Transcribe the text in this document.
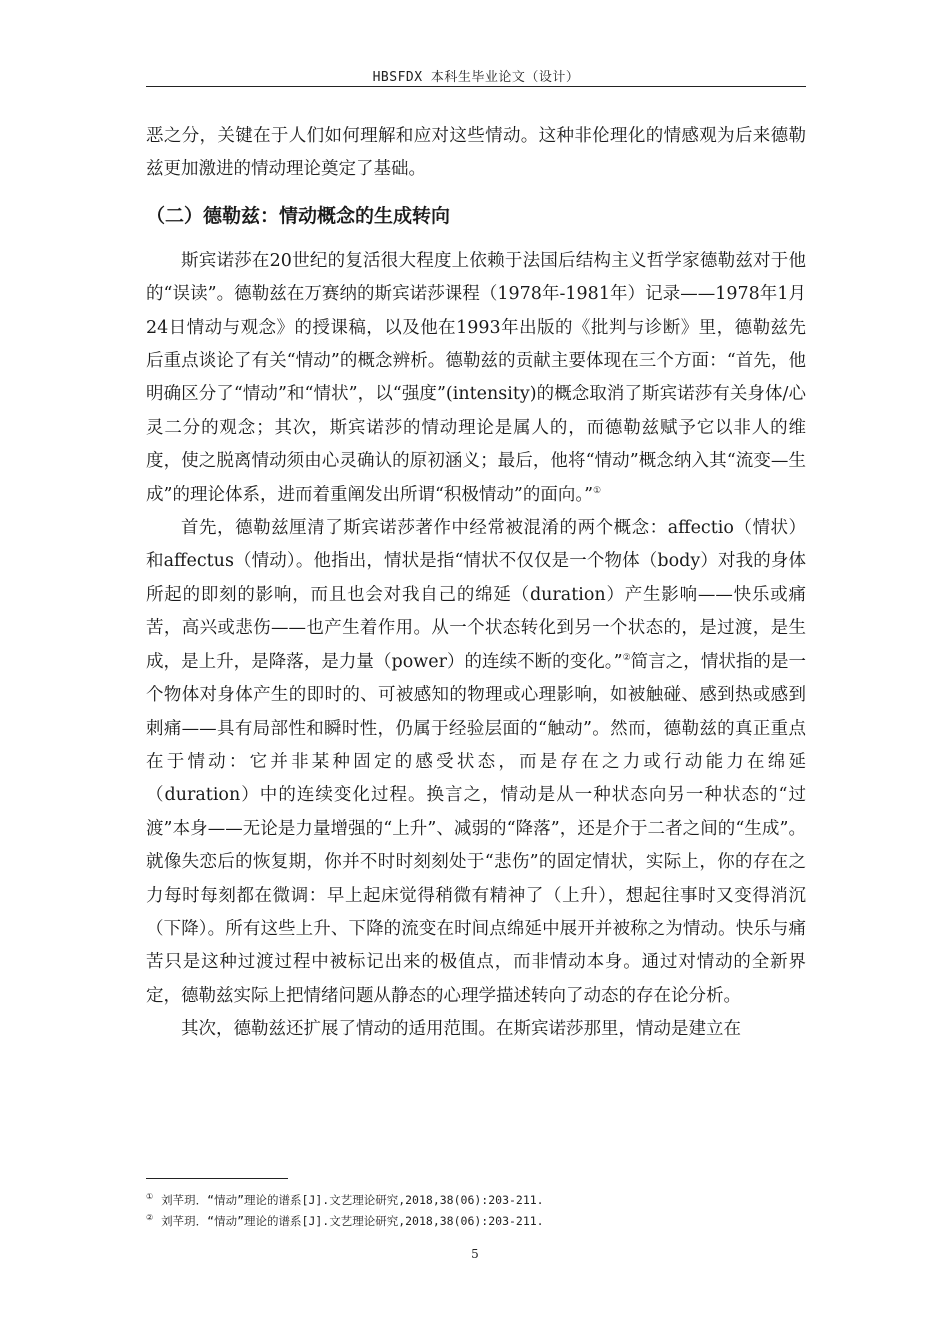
HBSFDX 本科生毕业论文（设计）

恶之分，关键在于人们如何理解和应对这些情动。这种非伦理化的情感观为后来德勒兹更加激进的情动理论奠定了基础。

（二）德勒兹：情动概念的生成转向

斯宾诺莎在20世纪的复活很大程度上依赖于法国后结构主义哲学家德勒兹对于他的“误读”。德勒兹在万赛纳的斯宾诺莎课程（1978年-1981年）记录——1978年1月24日情动与观念》的授课稿，以及他在1993年出版的《批判与诊断》里，德勒兹先后重点谈论了有关“情动”的概念辨析。德勒兹的贡献主要体现在三个方面：“首先，他明确区分了“情动”和“情状”，以“强度”(intensity)的概念取消了斯宾诺莎有关身体/心灵二分的观念；其次，斯宾诺莎的情动理论是属人的，而德勒兹赋予它以非人的维度，使之脱离情动须由心灵确认的原初涵义；最后，他将“情动”概念纳入其“流变—生成”的理论体系，进而着重阐发出所谓“积极情动”的面向。”①

首先，德勒兹厘清了斯宾诺莎著作中经常被混淆的两个概念：affectio（情状）和affectus（情动）。他指出，情状是指“情状不仅仅是一个物体（body）对我的身体所起的即刻的影响，而且也会对我自己的绵延（duration）产生影响——快乐或痛苦，高兴或悲伤——也产生着作用。从一个状态转化到另一个状态的，是过渡，是生成，是上升，是降落，是力量（power）的连续不断的变化。”②简言之，情状指的是一个物体对身体产生的即时的、可被感知的物理或心理影响，如被触碰、感到热或感到刺痛——具有局部性和瞬时性，仍属于经验层面的“触动”。然而，德勒兹的真正重点在于情动：它并非某种固定的感受状态，而是存在之力或行动能力在绵延（duration）中的连续变化过程。换言之，情动是从一种状态向另一种状态的“过渡”本身——无论是力量增强的“上升”、减弱的“降落”，还是介于二者之间的“生成”。就像失恋后的恢复期，你并不时时刻刻处于“悲伤”的固定情状，实际上，你的存在之力每时每刻都在微调：早上起床觉得稍微有精神了（上升），想起往事时又变得消沉（下降）。所有这些上升、下降的流变在时间点绵延中展开并被称之为情动。快乐与痛苦只是这种过渡过程中被标记出来的极值点，而非情动本身。通过对情动的全新界定，德勒兹实际上把情绪问题从静态的心理学描述转向了动态的存在论分析。

其次，德勒兹还扩展了情动的适用范围。在斯宾诺莎那里，情动是建立在

① 刘芊玥．“情动”理论的谱系[J].文艺理论研究,2018,38(06):203-211.
② 刘芊玥．“情动”理论的谱系[J].文艺理论研究,2018,38(06):203-211.
5
